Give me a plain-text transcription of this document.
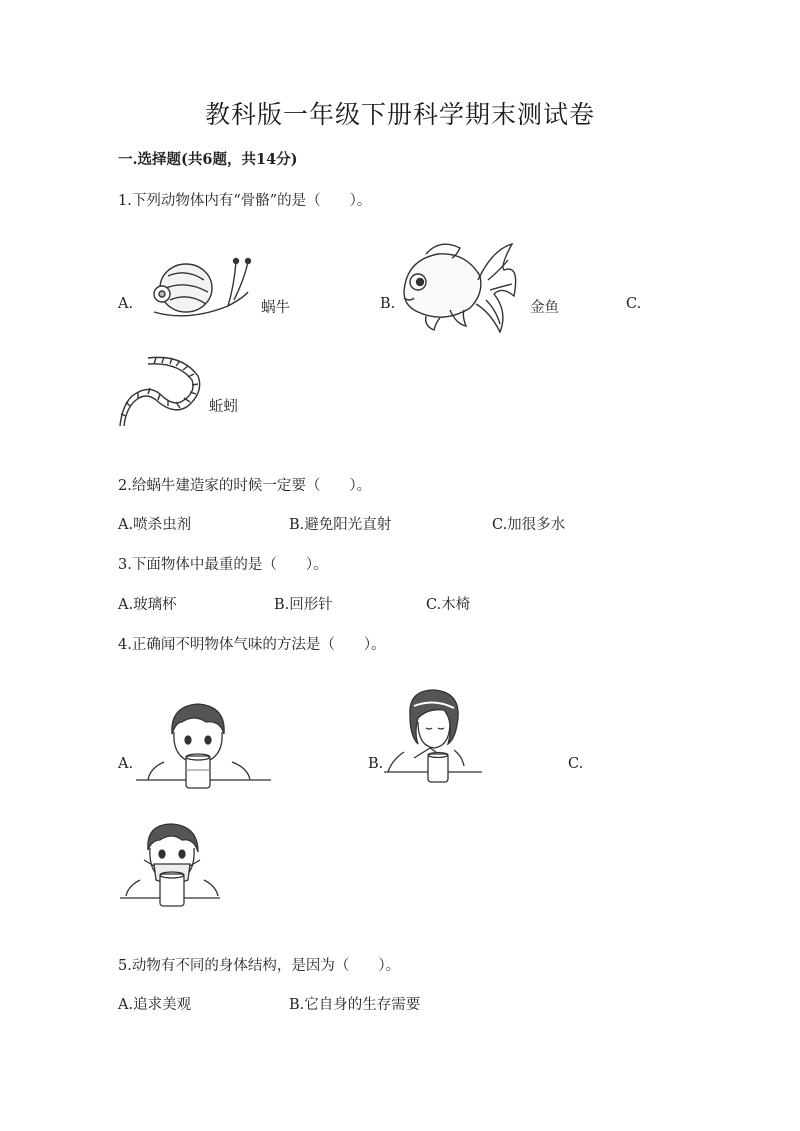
教科版一年级下册科学期末测试卷
一.选择题(共6题，共14分)
1.下列动物体内有“骨骼”的是（　　）。
A.	蜗牛	B.	金鱼	C.
蚯蚓
2.给蜗牛建造家的时候一定要（　　）。
A.喷杀虫剂	B.避免阳光直射	C.加很多水
3.下面物体中最重的是（　　）。
A.玻璃杯	B.回形针	C.木椅
4.正确闻不明物体气味的方法是（　　）。
A.	B.	C.
5.动物有不同的身体结构，是因为（　　）。
A.追求美观	B.它自身的生存需要
